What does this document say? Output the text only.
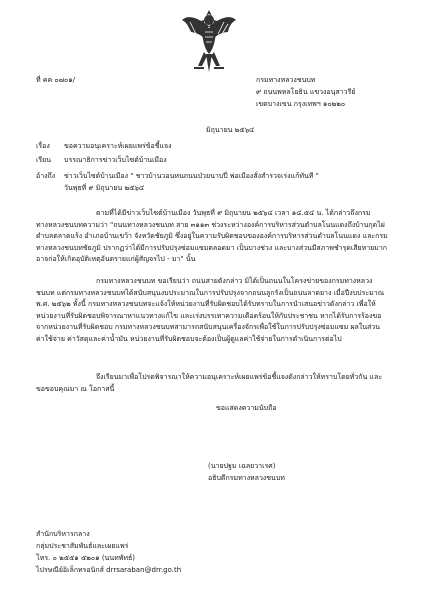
ที่ คค ๐๗๐๑/	กรมทางหลวงชนบท
๙ ถนนพหลโยธิน แขวงอนุสาวรีย์
เขตบางเขน กรุงเทพฯ ๑๐๒๒๐
มิถุนายน ๒๕๖๔
เรื่อง ขอความอนุเคราะห์เผยแพร่ข้อชี้แจง
เรียน บรรณาธิการข่าวเว็บไซต์บ้านเมือง
อ้างถึง ข่าวเว็บไซต์บ้านเมือง " ชาวบ้านวอนหนถนนป่วยนาบปี่ พ่อเมืองสั่งสำรวจเร่งแก้ทันที "
วันพุธที่ ๙ มิถุนายน ๒๕๖๔
ตามที่ได้มีข่าวเว็บไซต์บ้านเมือง วันพุธที่ ๙ มิถุนายน ๒๕๖๔ เวลา ๑๔.๕๔ น. ได้กล่าวถึงกรมทางหลวงชนบทความว่า "ถนนทางหลวงชนบท สาย ๓๑๑๓ ช่วงระหว่างองค์การบริหารส่วนตำบลโนนแดงถึงบ้านกุดไผ่ ตำบลตลาดแร้ง อำเภอบ้านเขว้า จังหวัดชัยภูมิ ซึ่งอยู่ในความรับผิดชอบขององค์การบริหารส่วนตำบลโนนแดง และกรมทางหลวงชนบทชัยภูมิ ปรากฏว่าได้มีการปรับปรุงซ่อมแซมตลอดมา เป็นบางช่วง และบางส่วนมีสภาพชำรุดเสียหายมากอาจก่อให้เกิดอุบัติเหตุอันตรายแก่ผู้สัญจรไป - มา" นั้น
กรมทางหลวงชนบท ขอเรียนว่า ถนนสายดังกล่าว มิได้เป็นถนนในโครงข่ายของกรมทางหลวงชนบท แต่กรมทางหลวงชนบทได้สนับสนุนงบประมาณในการปรับปรุงจากถนนลูกรังเป็นถนนลาดยาง เมื่อปีงบประมาณ พ.ศ. ๒๕๖๒ ทั้งนี้ กรมทางหลวงชนบทจะแจ้งให้หน่วยงานที่รับผิดชอบได้รับทราบในการนำเสนอข่าวดังกล่าว เพื่อให้หน่วยงานที่รับผิดชอบพิจารณาหาแนวทางแก้ไข และเร่งบรรเทาความเดือดร้อนให้กับประชาชน หากได้รับการร้องขอจากหน่วยงานที่รับผิดชอบ กรมทางหลวงชนบทสามารถสนับสนุนเครื่องจักรเพื่อใช้ในการปรับปรุงซ่อมแซม ผลในส่วนค่าใช้จ่าย ค่าวัสดุและค่าน้ำมัน หน่วยงานที่รับผิดชอบจะต้องเป็นผู้ดูแลค่าใช้จ่ายในการดำเนินการต่อไป
จึงเรียนมาเพื่อโปรดพิจารณาให้ความอนุเคราะห์เผยแพร่ข้อชี้แจงดังกล่าวให้ทราบโดยทั่วกัน และขอขอบคุณมา ณ โอกาสนี้
ขอแสดงความนับถือ
(นายปฐม เฉลยวาเรศ)
อธิบดีกรมทางหลวงชนบท
สำนักบริหารกลาง
กลุ่มประชาสัมพันธ์และเผยแพร่
โทร. ๐ ๒๕๕๑ ๕๒๐๑ (นนทพัทธ์)
ไปรษณีย์อิเล็กทรอนิกส์ drrsaraban@drr.go.th
